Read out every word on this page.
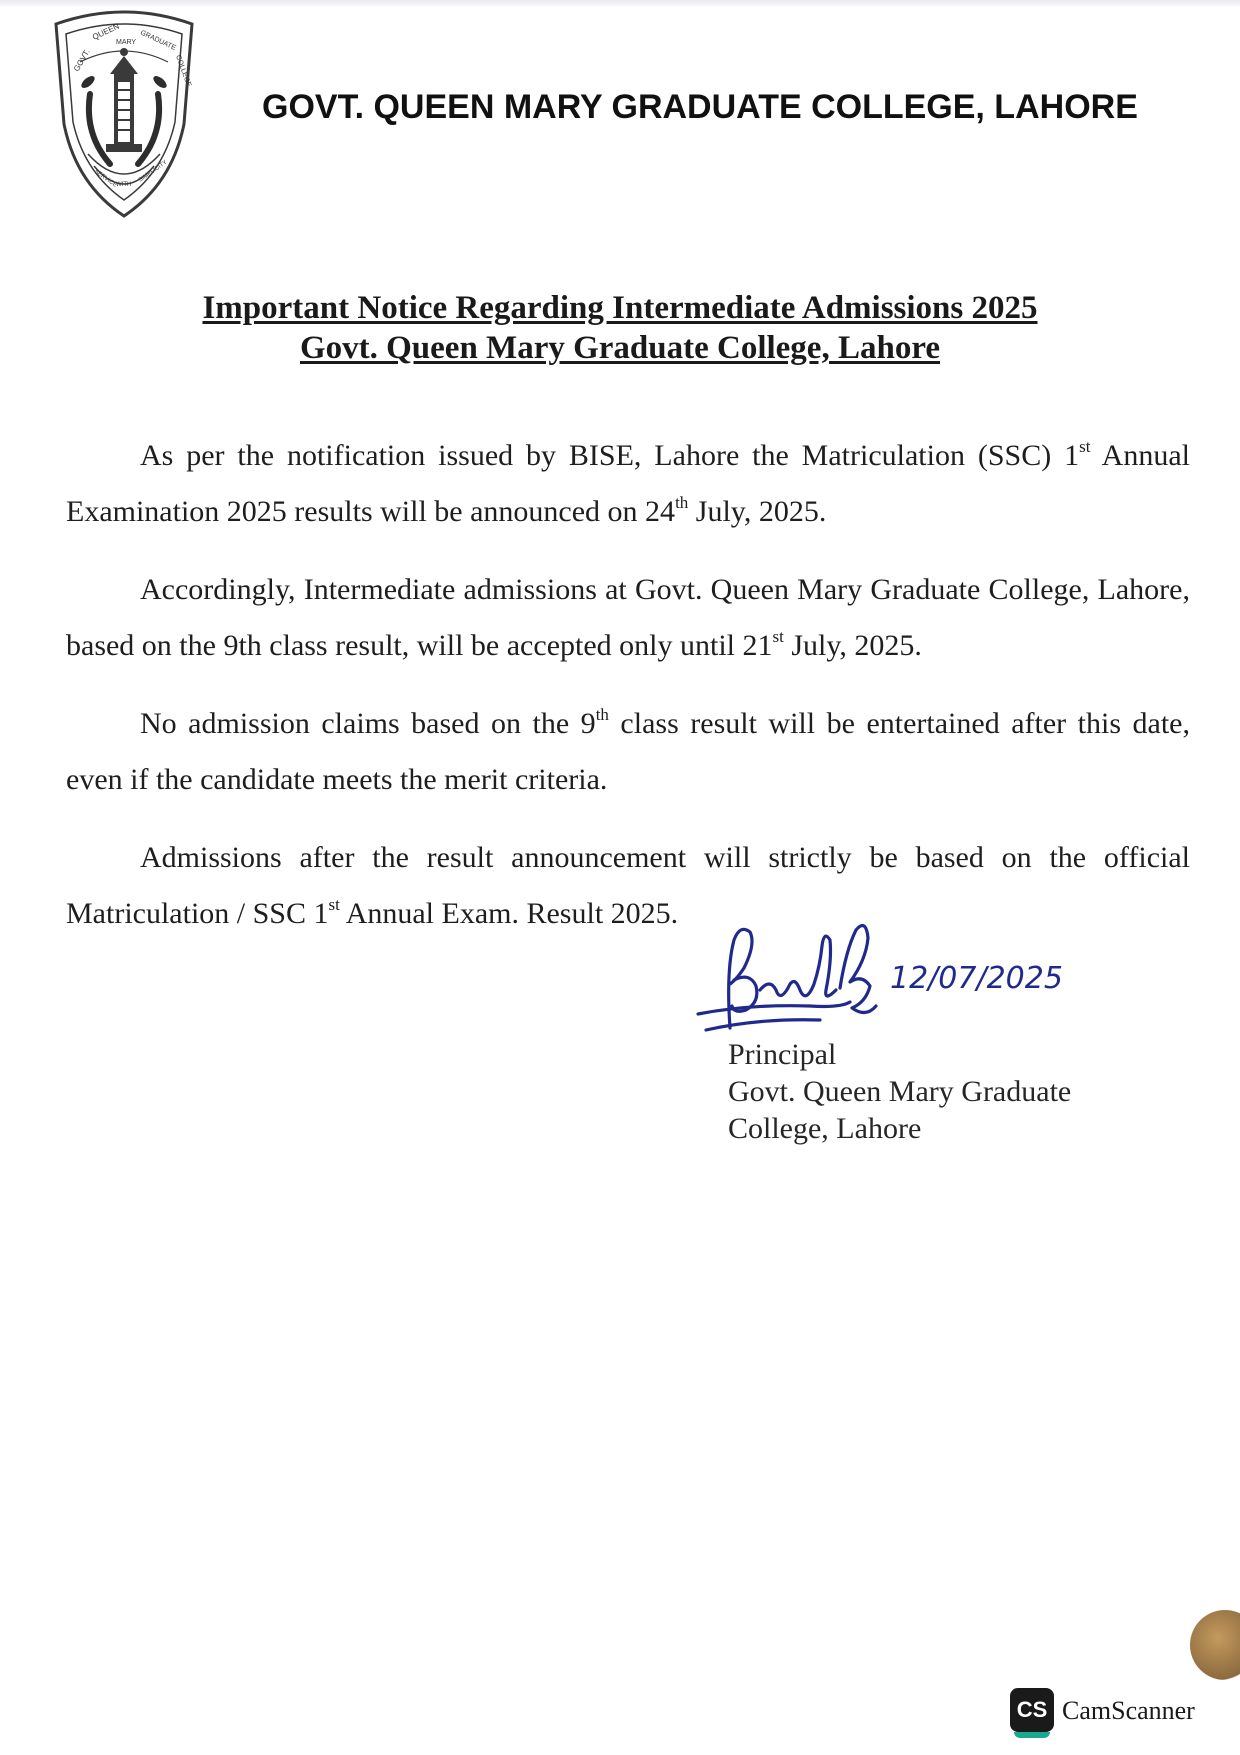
GOVT.
QUEEN
MARY GRADUATE
COLLEGE
SERVICE
WITH
SIMPLICITY
GOVT. QUEEN MARY GRADUATE COLLEGE, LAHORE
Important Notice Regarding Intermediate Admissions 2025
Govt. Queen Mary Graduate College, Lahore
As per the notification issued by BISE, Lahore the Matriculation (SSC) 1st Annual Examination 2025 results will be announced on 24th July, 2025.
Accordingly, Intermediate admissions at Govt. Queen Mary Graduate College, Lahore, based on the 9th class result, will be accepted only until 21st July, 2025.
No admission claims based on the 9th class result will be entertained after this date, even if the candidate meets the merit criteria.
Admissions after the result announcement will strictly be based on the official Matriculation / SSC 1st Annual Exam. Result 2025.
12/07/2025
Principal
Govt. Queen Mary Graduate
College, Lahore
CS CamScanner
